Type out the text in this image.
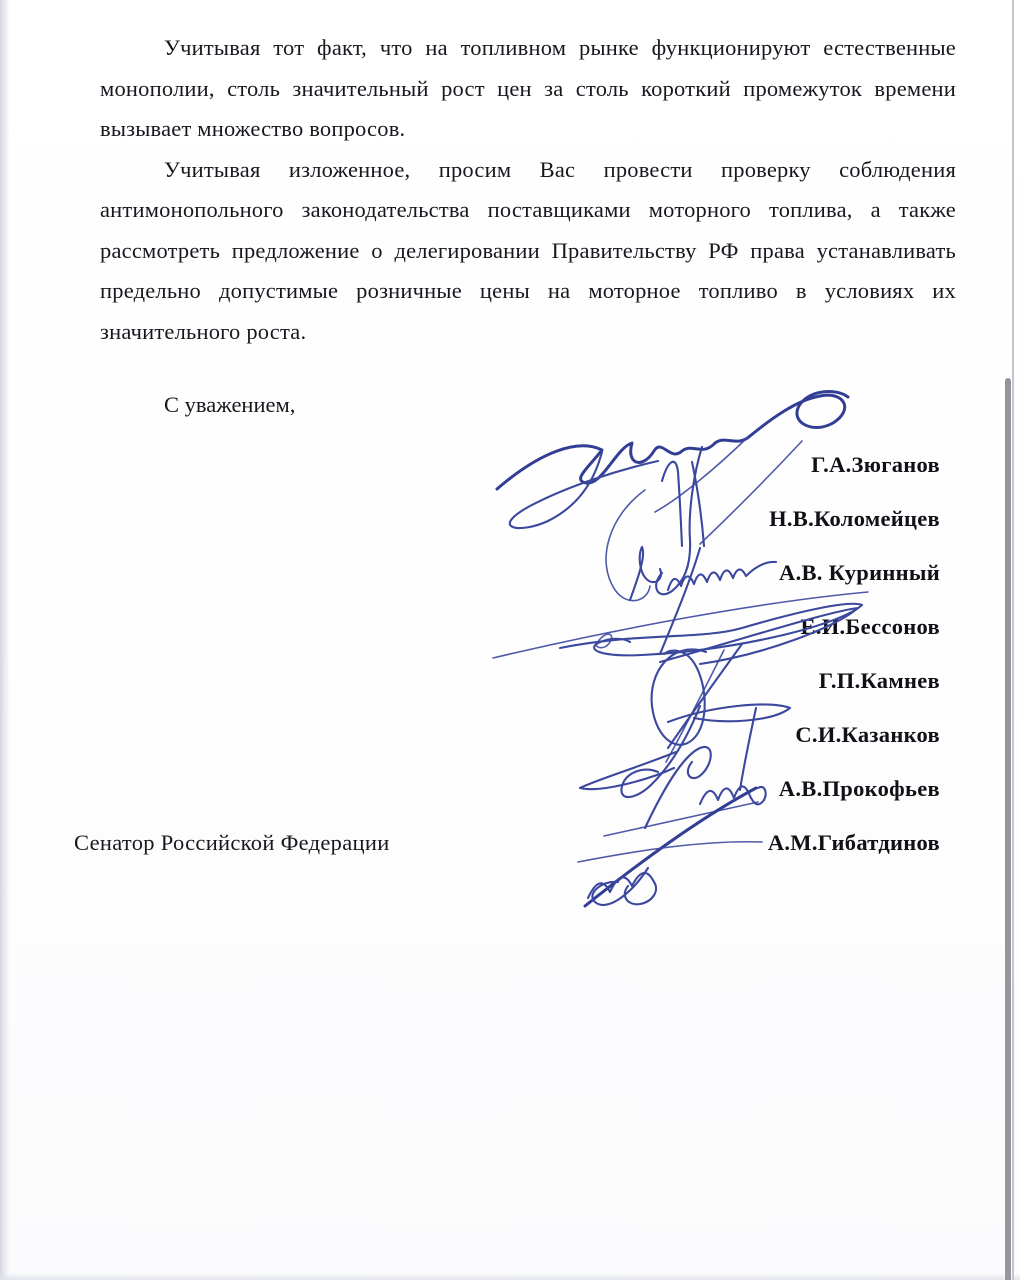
Учитывая тот факт, что на топливном рынке функционируют естественные монополии, столь значительный рост цен за столь короткий промежуток времени вызывает множество вопросов.

Учитывая изложенное, просим Вас провести проверку соблюдения антимонопольного законодательства поставщиками моторного топлива, а также рассмотреть предложение о делегировании Правительству РФ права устанавливать предельно допустимые розничные цены на моторное топливо в условиях их значительного роста.

С уважением,
Г.А.Зюганов
Н.В.Коломейцев
А.В. Куринный
Е.И.Бессонов
Г.П.Камнев
С.И.Казанков
А.В.Прокофьев
А.М.Гибатдинов
Сенатор Российской Федерации
